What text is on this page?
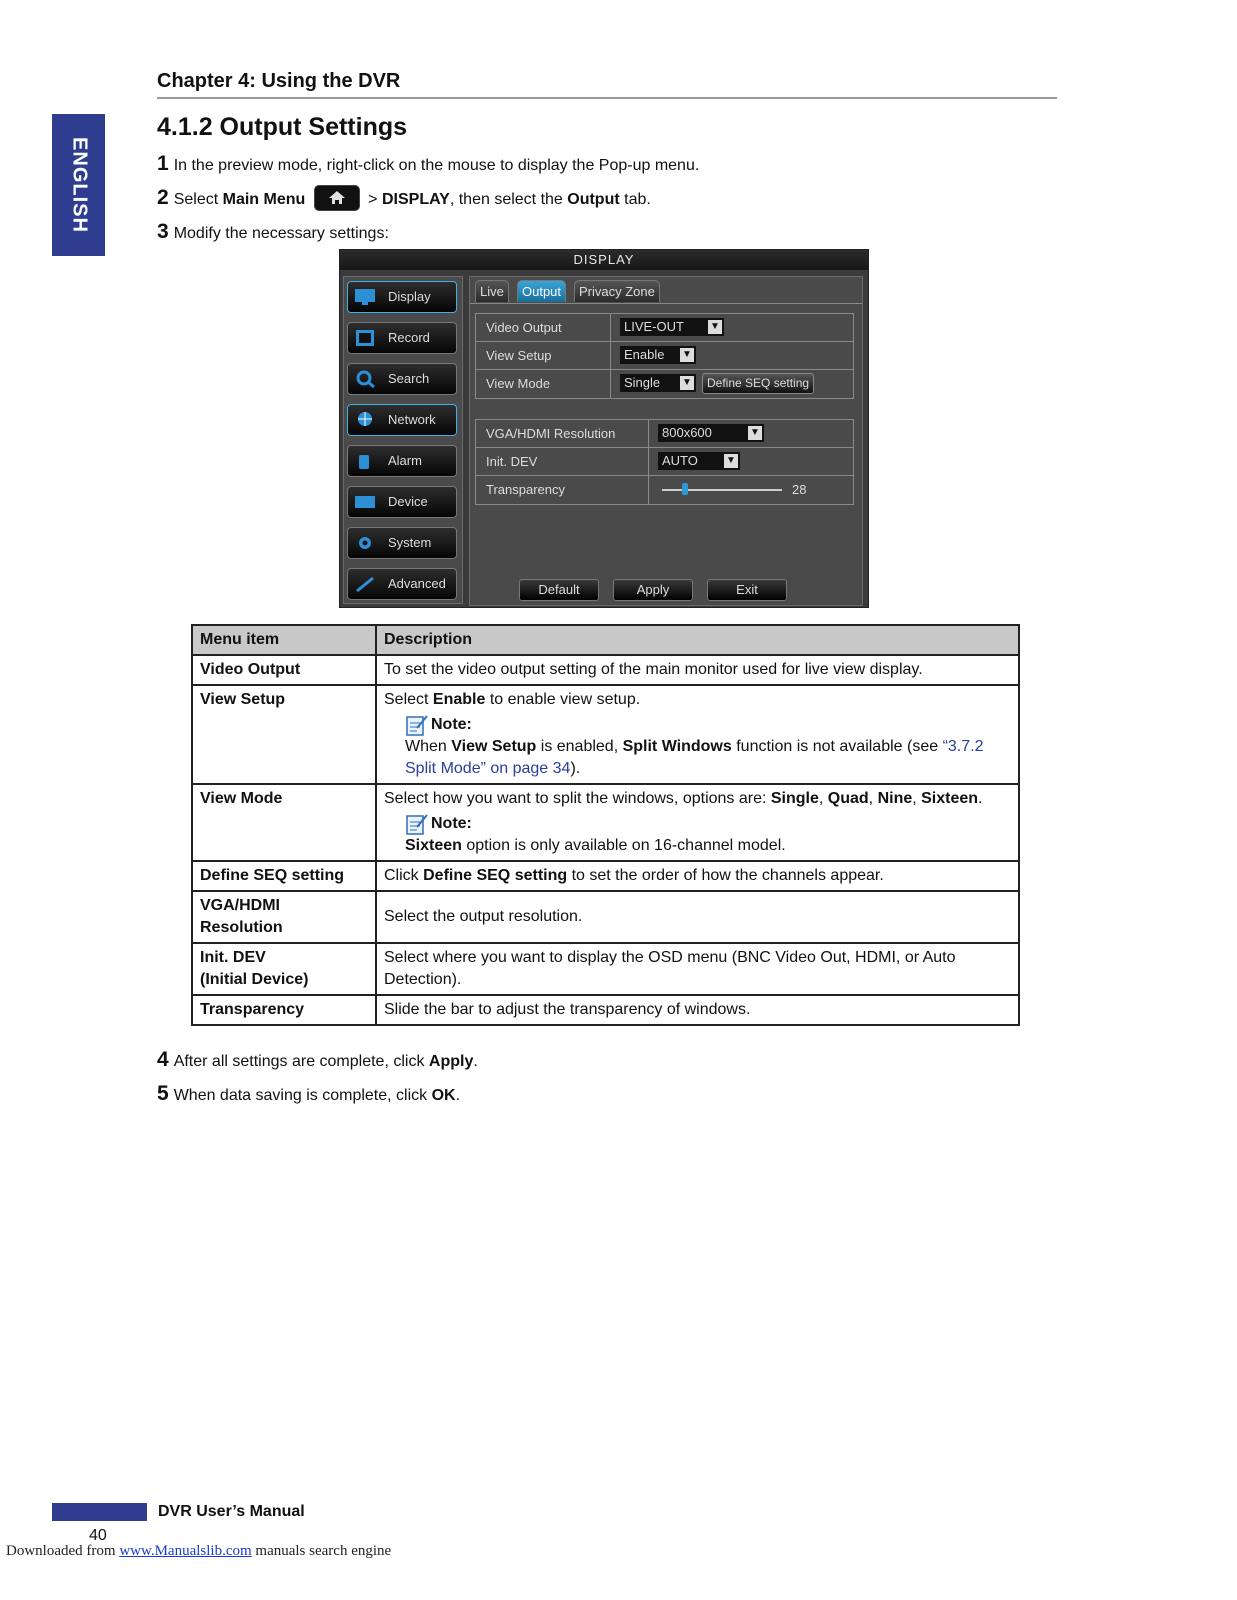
Chapter 4: Using the DVR
ENGLISH
4.1.2 Output Settings
1 In the preview mode, right-click on the mouse to display the Pop-up menu.
2 Select Main Menu	> DISPLAY, then select the Output tab.
3 Modify the necessary settings:
DISPLAY
Display
Record
Search
Network
Alarm
Device
System
Advanced
Live	Output	Privacy Zone
Video Output	LIVE-OUT	▼
View Setup	Enable ▼
View Mode	Single ▼	Define SEQ setting
VGA/HDMI Resolution	800x600	▼
Init. DEV	AUTO	▼
Transparency	28
Default	Apply	Exit
Menu item	Description
Video Output	To set the video output setting of the main monitor used for live view display.
View Setup	Select Enable to enable view setup.
Note:
When View Setup is enabled, Split Windows function is not available (see “3.7.2 Split Mode” on page 34).

View Mode	Select how you want to split the windows, options are: Single, Quad, Nine, Sixteen.
Note:
Sixteen option is only available on 16-channel model.

Define SEQ setting	Click Define SEQ setting to set the order of how the channels appear.

VGA/HDMI
Resolution	Select the output resolution.

Init. DEV
(Initial Device)	Select where you want to display the OSD menu (BNC Video Out, HDMI, or Auto Detection).
Transparency	Slide the bar to adjust the transparency of windows.
4 After all settings are complete, click Apply.
5 When data saving is complete, click OK.
DVR User’s Manual
40
Downloaded from www.Manualslib.com manuals search engine
